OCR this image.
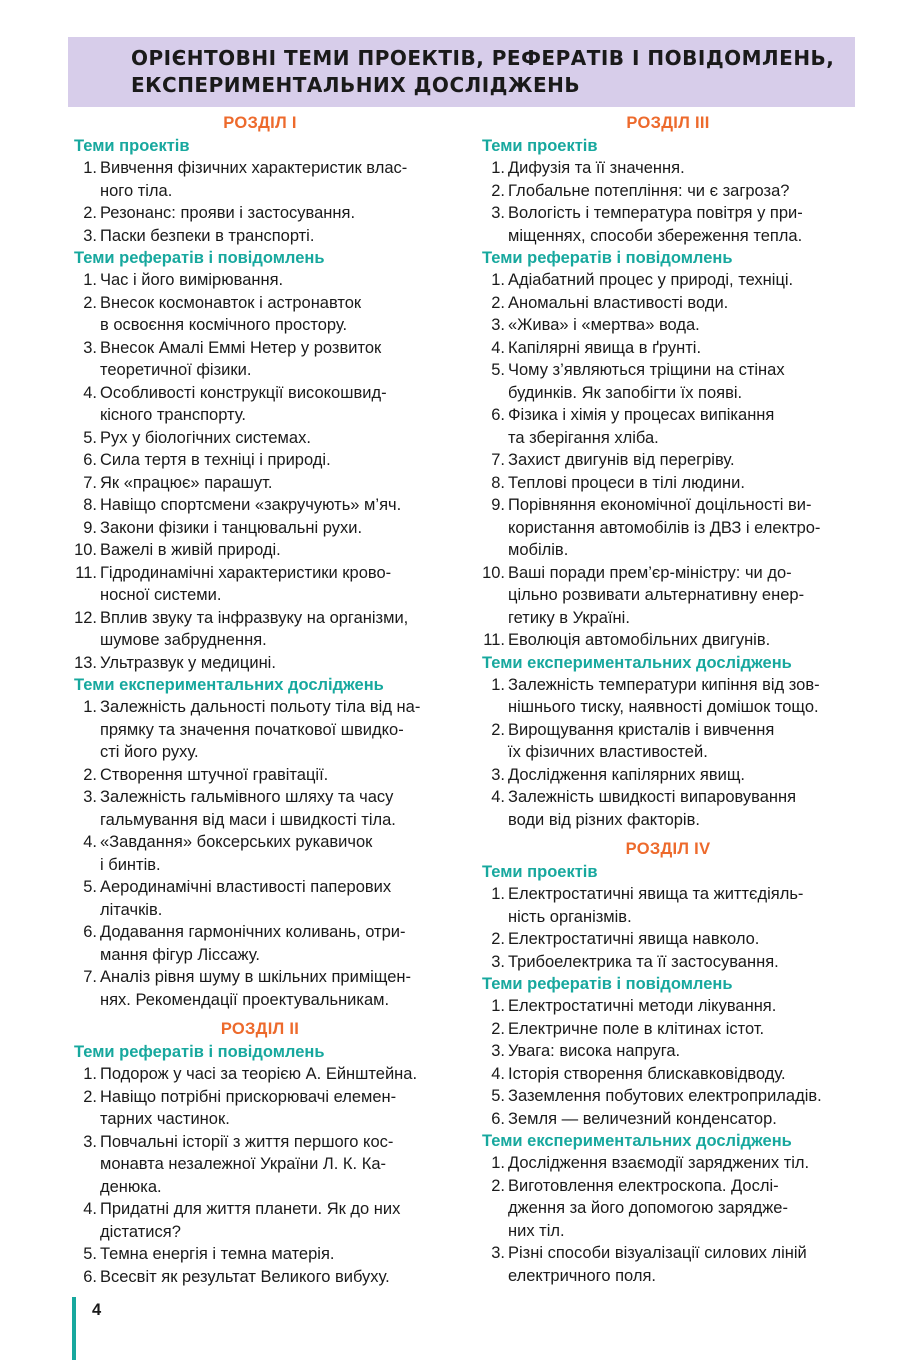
ОРІЄНТОВНІ ТЕМИ ПРОЕКТІВ, РЕФЕРАТІВ І ПОВІДОМЛЕНЬ,
ЕКСПЕРИМЕНТАЛЬНИХ ДОСЛІДЖЕНЬ
РОЗДІЛ І
Теми проектів
1. Вивчення фізичних характеристик влас-
ного тіла.
2. Резонанс: прояви і застосування.
3. Паски безпеки в транспорті.
Теми рефератів і повідомлень
1. Час і його вимірювання.
2. Внесок космонавток і астронавток
в освоєння космічного простору.
3. Внесок Амалі Еммі Нетер у розвиток
теоретичної фізики.
4. Особливості конструкції високошвид-
кісного транспорту.
5. Рух у біологічних системах.
6. Сила тертя в техніці і природі.
7. Як «працює» парашут.
8. Навіщо спортсмени «закручують» м’яч.
9. Закони фізики і танцювальні рухи.
10. Важелі в живій природі.
11. Гідродинамічні характеристики крово-
носної системи.
12. Вплив звуку та інфразвуку на організми,
шумове забруднення.
13. Ультразвук у медицині.
Теми експериментальних досліджень
1. Залежність дальності польоту тіла від на-
прямку та значення початкової швидко-
сті його руху.
2. Створення штучної гравітації.
3. Залежність гальмівного шляху та часу
гальмування від маси і швидкості тіла.
4. «Завдання» боксерських рукавичок
і бинтів.
5. Аеродинамічні властивості паперових
літачків.
6. Додавання гармонічних коливань, отри-
мання фігур Ліссажу.
7. Аналіз рівня шуму в шкільних приміщен-
нях. Рекомендації проектувальникам.
РОЗДІЛ ІІ
Теми рефератів і повідомлень
1. Подорож у часі за теорією А. Ейнштейна.
2. Навіщо потрібні прискорювачі елемен-
тарних частинок.
3. Повчальні історії з життя першого кос-
монавта незалежної України Л. К. Ка-
денюка.
4. Придатні для життя планети. Як до них
дістатися?
5. Темна енергія і темна матерія.
6. Всесвіт як результат Великого вибуху.
РОЗДІЛ ІІІ
Теми проектів
1. Дифузія та її значення.
2. Глобальне потепління: чи є загроза?
3. Вологість і температура повітря у при-
міщеннях, способи збереження тепла.
Теми рефератів і повідомлень
1. Адіабатний процес у природі, техніці.
2. Аномальні властивості води.
3. «Жива» і «мертва» вода.
4. Капілярні явища в ґрунті.
5. Чому з’являються тріщини на стінах
будинків. Як запобігти їх появі.
6. Фізика і хімія у процесах випікання
та зберігання хліба.
7. Захист двигунів від перегріву.
8. Теплові процеси в тілі людини.
9. Порівняння економічної доцільності ви-
користання автомобілів із ДВЗ і електро-
мобілів.
10. Ваші поради прем’єр-міністру: чи до-
цільно розвивати альтернативну енер-
гетику в Україні.
11. Еволюція автомобільних двигунів.
Теми експериментальних досліджень
1. Залежність температури кипіння від зов-
нішнього тиску, наявності домішок тощо.
2. Вирощування кристалів і вивчення
їх фізичних властивостей.
3. Дослідження капілярних явищ.
4. Залежність швидкості випаровування
води від різних факторів.
РОЗДІЛ ІV
Теми проектів
1. Електростатичні явища та життєдіяль-
ність організмів.
2. Електростатичні явища навколо.
3. Трибоелектрика та її застосування.
Теми рефератів і повідомлень
1. Електростатичні методи лікування.
2. Електричне поле в клітинах істот.
3. Увага: висока напруга.
4. Історія створення блискавковідводу.
5. Заземлення побутових електроприладів.
6. Земля — величезний конденсатор.
Теми експериментальних досліджень
1. Дослідження взаємодії заряджених тіл.
2. Виготовлення електроскопа. Дослі-
дження за його допомогою зарядже-
них тіл.
3. Різні способи візуалізації силових ліній
електричного поля.
4
